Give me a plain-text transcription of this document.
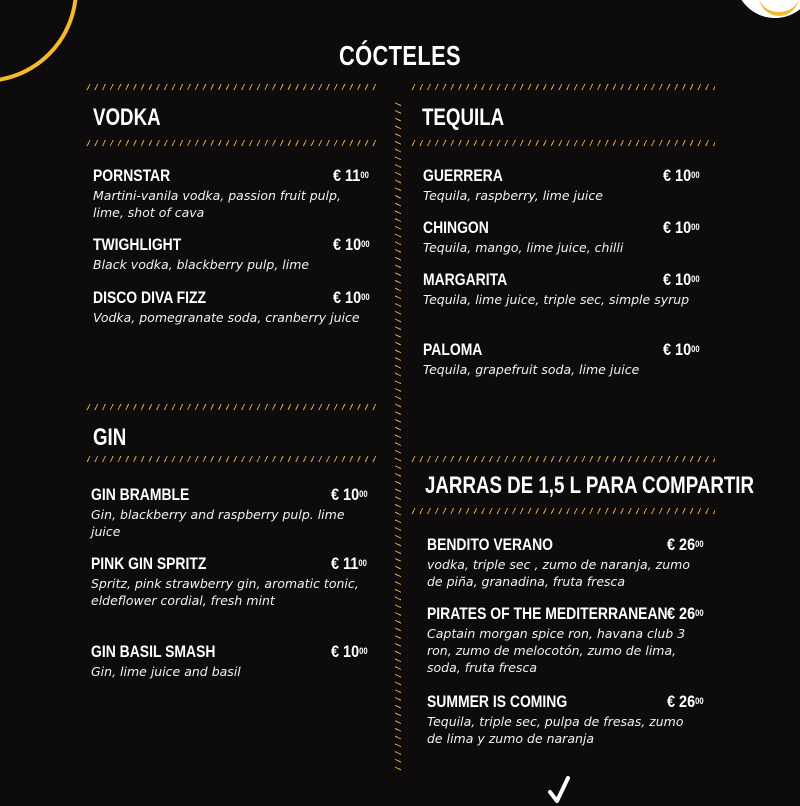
CÓCTELES
VODKA
PORNSTAR	€ $11^{00}$
Martini-vanila vodka, passion fruit pulp, lime, shot of cava
TWIGHLIGHT	€ $10^{00}$
Black vodka, blackberry pulp, lime
DISCO DIVA FIZZ	€ $10^{00}$
Vodka, pomegranate soda, cranberry juice
TEQUILA
GUERRERA	€ $10^{00}$
Tequila, raspberry, lime juice
CHINGON	€ $10^{00}$
Tequila, mango, lime juice, chilli
MARGARITA	€ $10^{00}$
Tequila, lime juice, triple sec, simple syrup
PALOMA	€ $10^{00}$
Tequila, grapefruit soda, lime juice
GIN
GIN BRAMBLE	€ $10^{00}$
Gin, blackberry and raspberry pulp. lime juice
PINK GIN SPRITZ	€ $11^{00}$
Spritz, pink strawberry gin, aromatic tonic, eldeflower cordial, fresh mint
GIN BASIL SMASH	€ $10^{00}$
Gin, lime juice and basil
JARRAS DE 1,5 L PARA COMPARTIR
BENDITO VERANO	€ $26^{00}$
vodka, triple sec , zumo de naranja, zumo de piña, granadina, fruta fresca
PIRATES OF THE MEDITERRANEAN € $26^{00}$
Captain morgan spice ron, havana club 3 ron, zumo de melocotón, zumo de lima, soda, fruta fresca
SUMMER IS COMING	€ $26^{00}$
Tequila, triple sec, pulpa de fresas, zumo de lima y zumo de naranja
